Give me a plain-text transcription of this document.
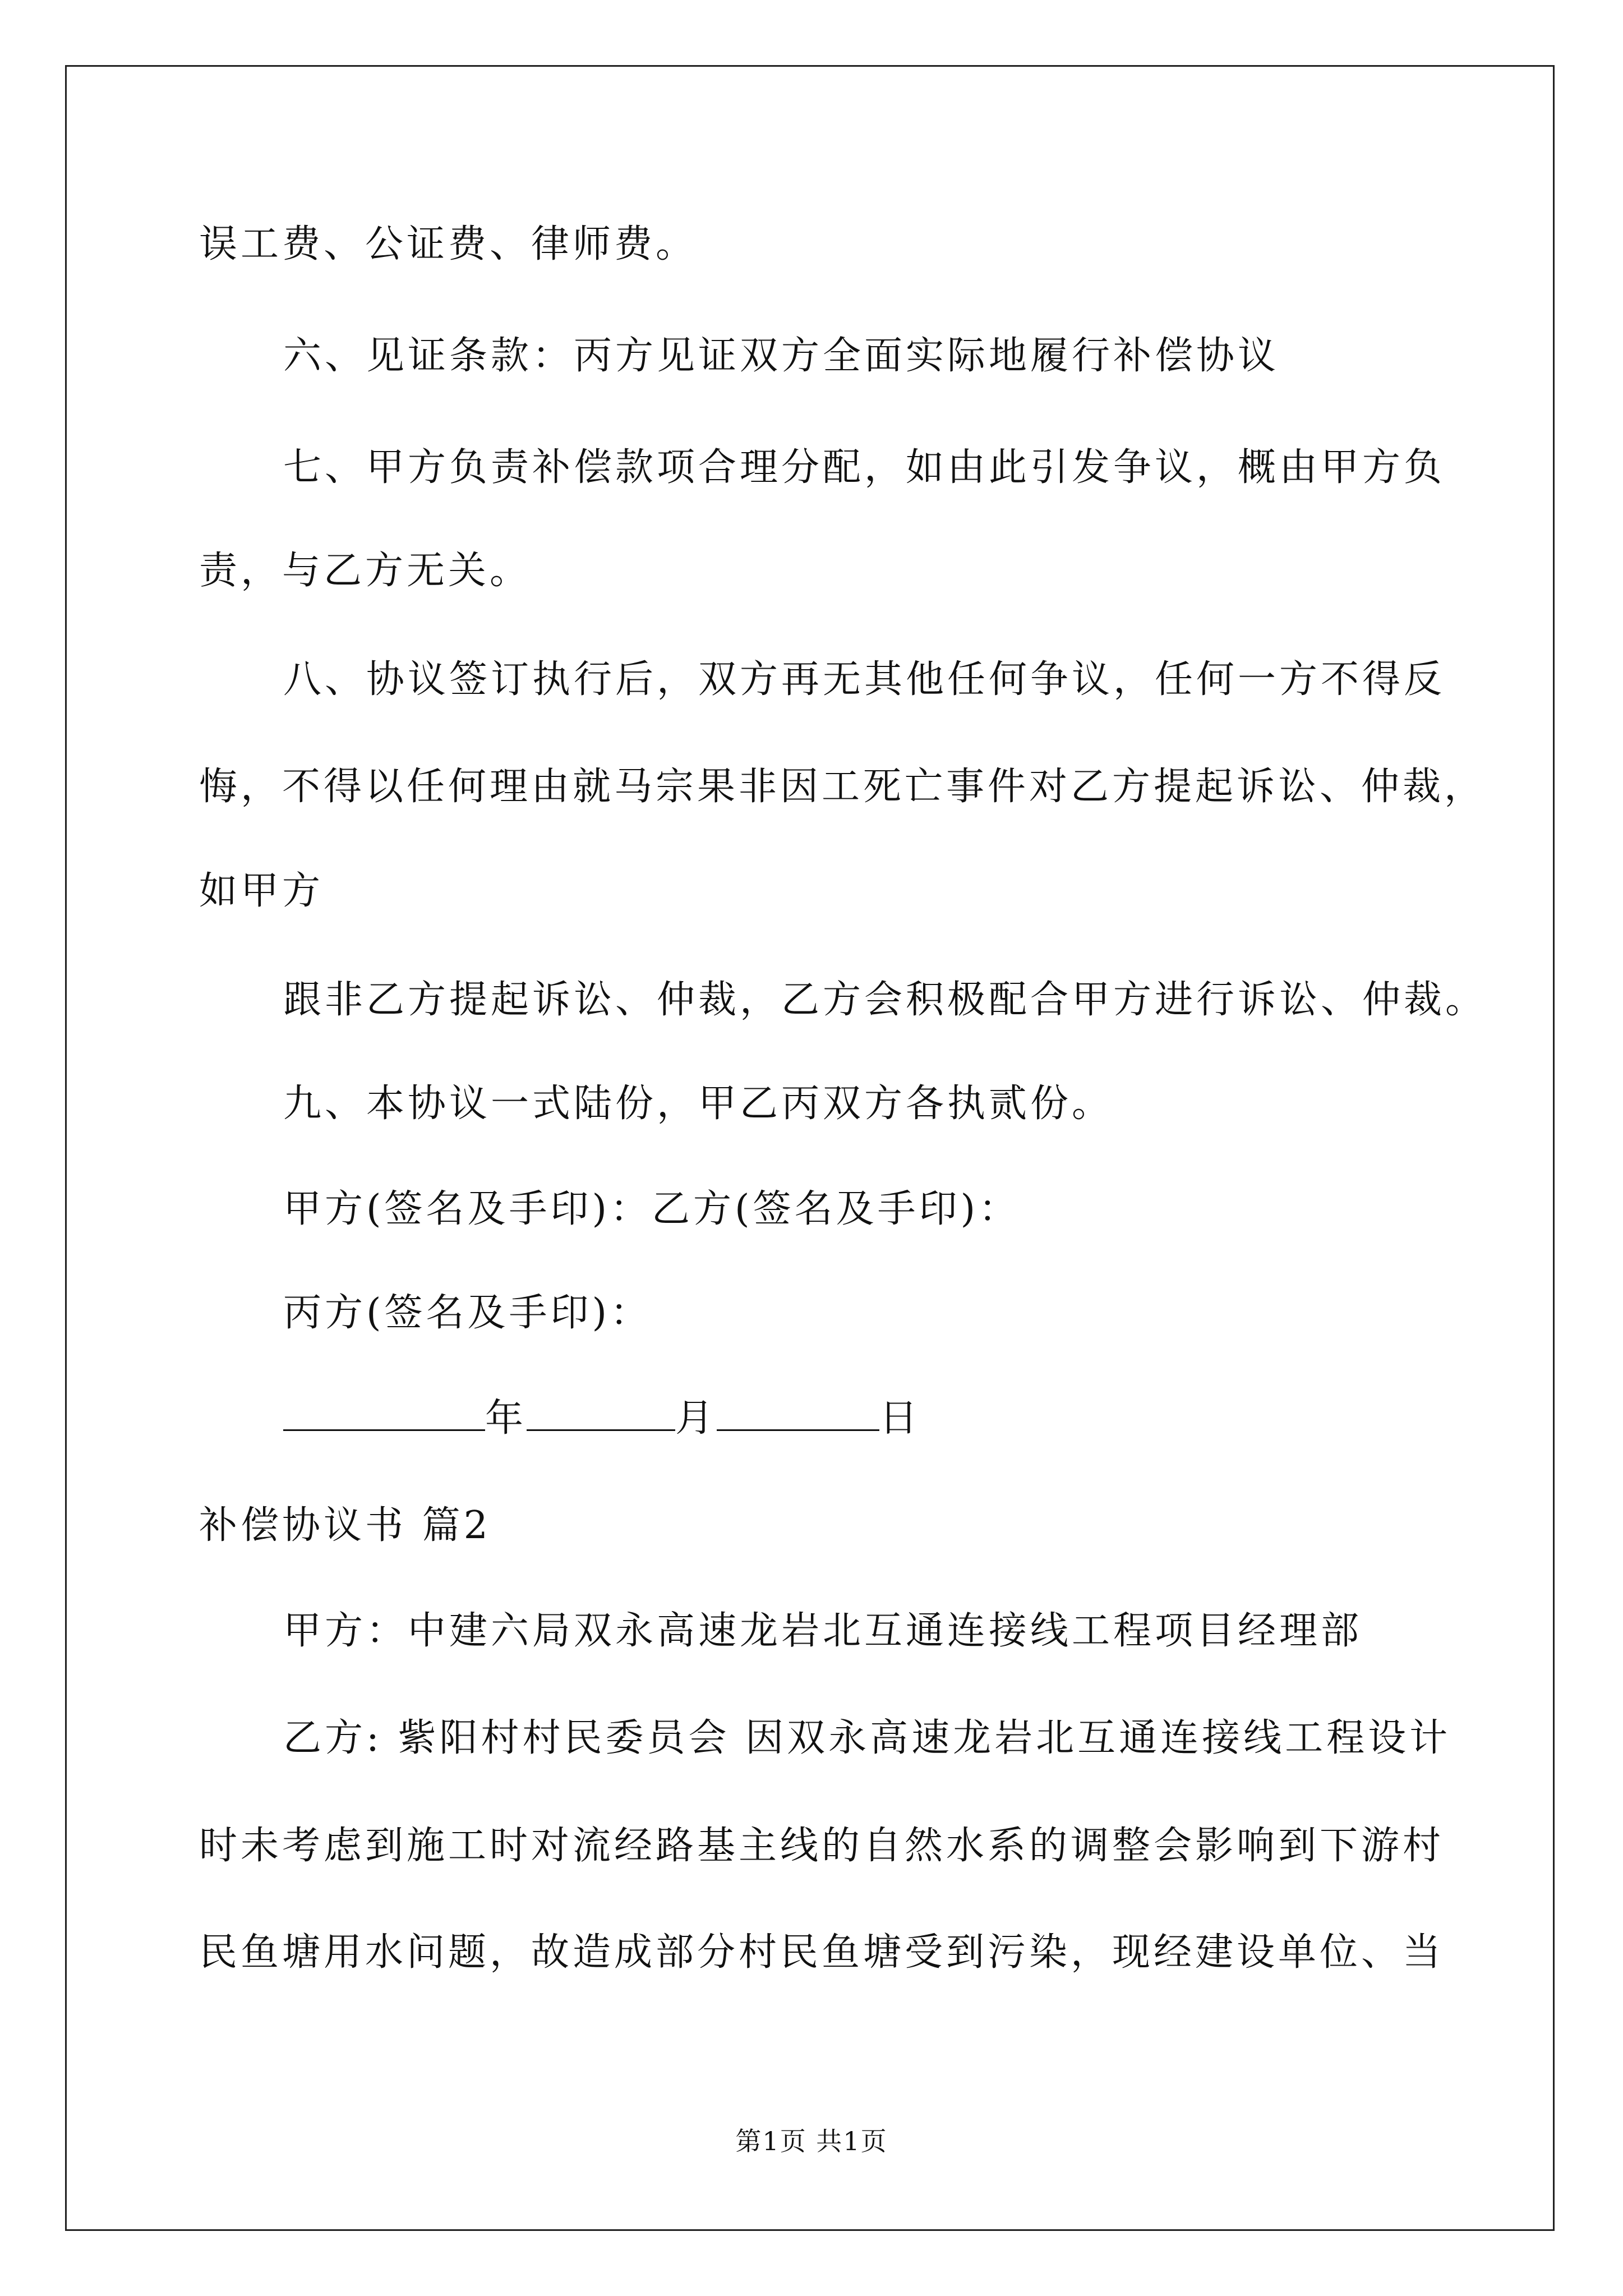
误工费、公证费、律师费。
六、见证条款：丙方见证双方全面实际地履行补偿协议
七、甲方负责补偿款项合理分配，如由此引发争议，概由甲方负
责，与乙方无关。
八、协议签订执行后，双方再无其他任何争议，任何一方不得反
悔，不得以任何理由就马宗果非因工死亡事件对乙方提起诉讼、仲裁，
如甲方
跟非乙方提起诉讼、仲裁，乙方会积极配合甲方进行诉讼、仲裁。
九、本协议一式陆份，甲乙丙双方各执贰份。
甲方(签名及手印)：乙方(签名及手印)：
丙方(签名及手印)：
年	月	日
补偿协议书 篇2
甲方：中建六局双永高速龙岩北互通连接线工程项目经理部
乙方: 紫阳村村民委员会 因双永高速龙岩北互通连接线工程设计
时未考虑到施工时对流经路基主线的自然水系的调整会影响到下游村
民鱼塘用水问题，故造成部分村民鱼塘受到污染，现经建设单位、当
第1页 共1页
